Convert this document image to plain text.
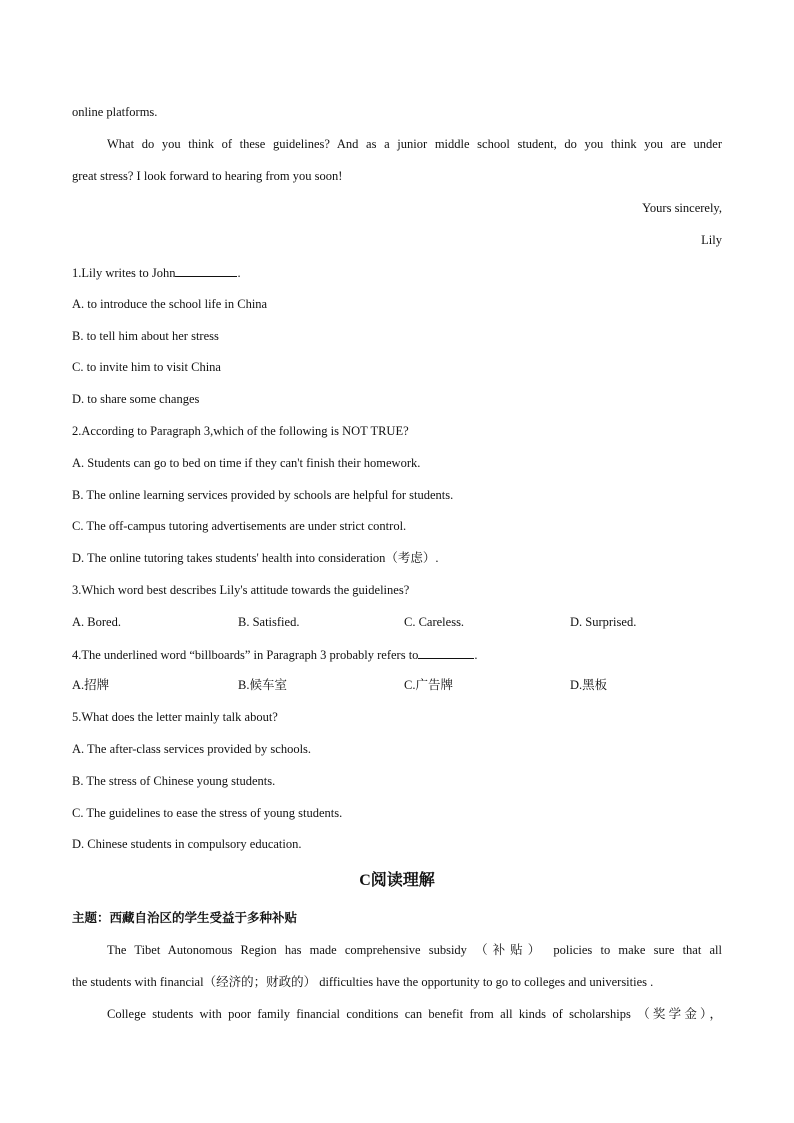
online platforms.
What do you think of these guidelines? And as a junior middle school student, do you think you are under
great stress? I look forward to hearing from you soon!
Yours sincerely,
Lily
1.Lily writes to John	.
A. to introduce the school life in China
B. to tell him about her stress
C. to invite him to visit China
D. to share some changes
2.According to Paragraph 3,which of the following is NOT TRUE?
A. Students can go to bed on time if they can't finish their homework.
B. The online learning services provided by schools are helpful for students.
C. The off-campus tutoring advertisements are under strict control.
D. The online tutoring takes students' health into consideration（考虑）.
3.Which word best describes Lily's attitude towards the guidelines?
A. Bored.	B. Satisfied.	C. Careless.	D. Surprised.
4.The underlined word “billboards” in Paragraph 3 probably refers to	.
A.招牌	B.候车室	C.广告牌	D.黑板
5.What does the letter mainly talk about?
A. The after-class services provided by schools.
B. The stress of Chinese young students.
C. The guidelines to ease the stress of young students.
D. Chinese students in compulsory education.
C阅读理解
主题：西藏自治区的学生受益于多种补贴
The Tibet Autonomous Region has made comprehensive subsidy （补贴） policies to make sure that all
the students with financial（经济的；财政的） difficulties have the opportunity to go to colleges and universities .
College students with poor family financial conditions can benefit from all kinds of scholarships （奖学金），
